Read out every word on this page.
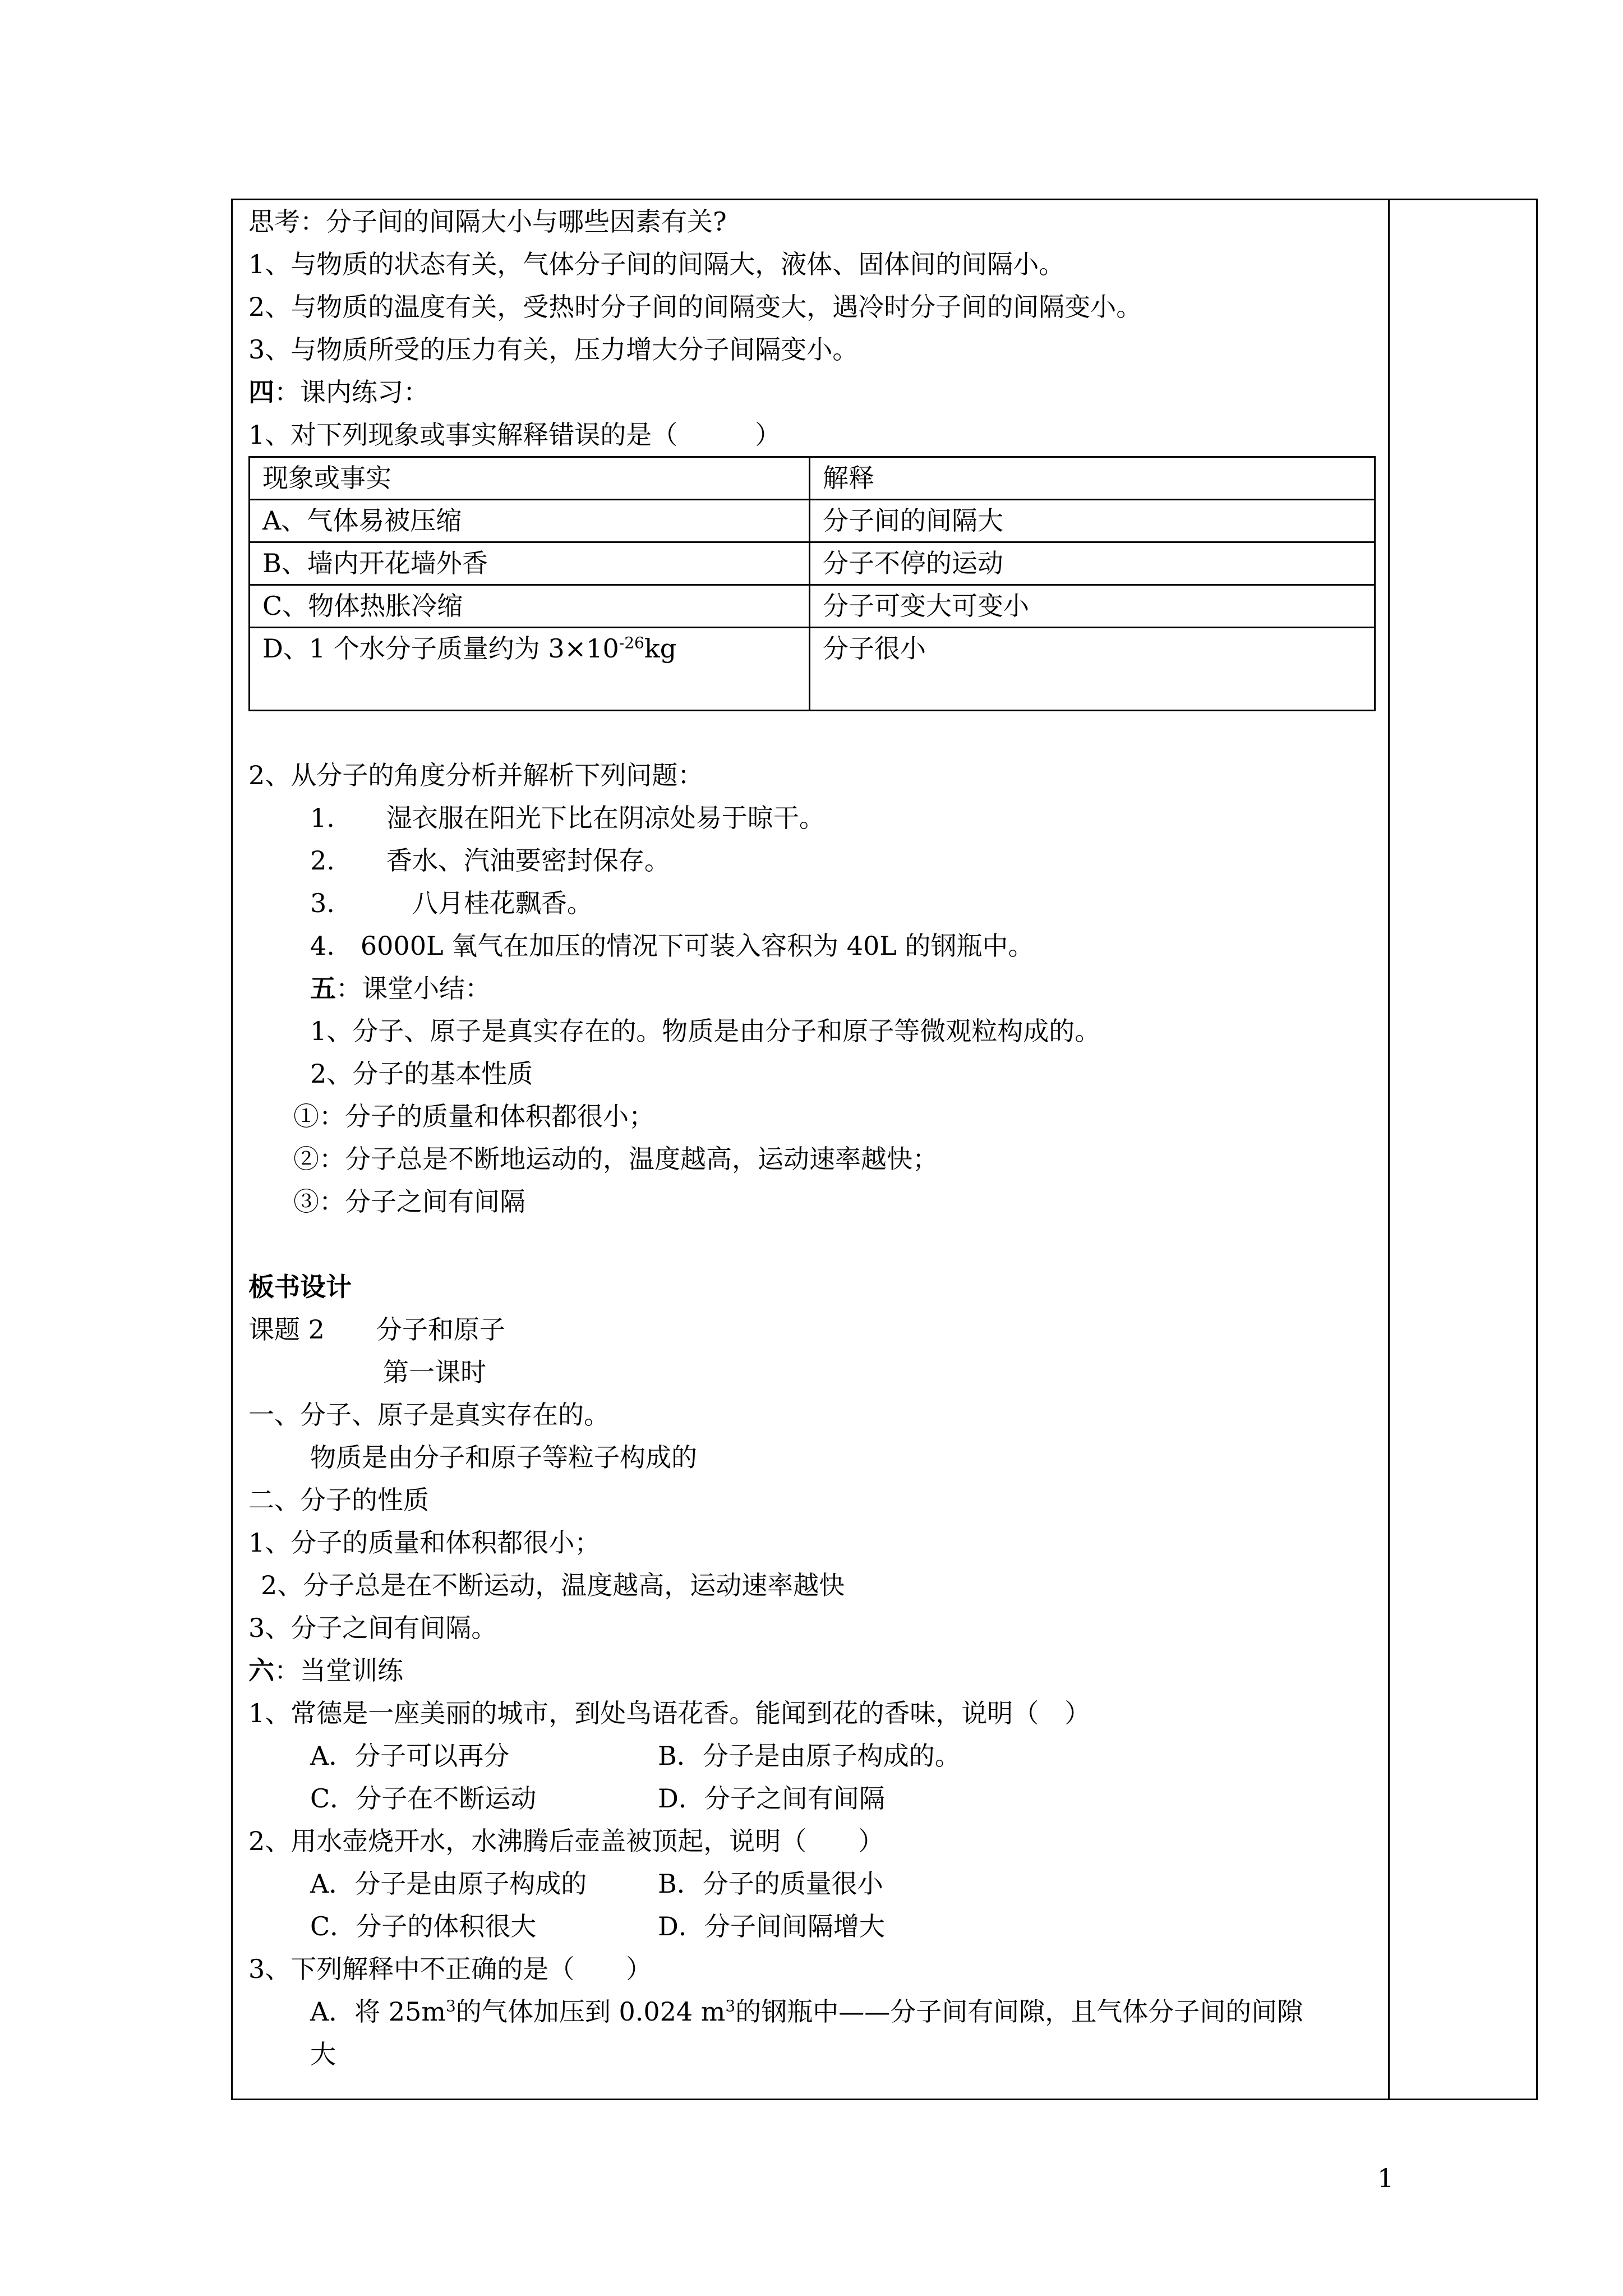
思考：分子间的间隔大小与哪些因素有关?
1、与物质的状态有关，气体分子间的间隔大，液体、固体间的间隔小。
2、与物质的温度有关，受热时分子间的间隔变大，遇冷时分子间的间隔变小。
3、与物质所受的压力有关，压力增大分子间隔变小。
四：课内练习：
1、对下列现象或事实解释错误的是（　　　）
现象或事实	解释
A、气体易被压缩	分子间的间隔大
B、墙内开花墙外香	分子不停的运动
C、物体热胀冷缩	分子可变大可变小
D、1 个水分子质量约为 $3\times 10^{-26}kg$	分子很小
2、从分子的角度分析并解析下列问题：
1.　　 湿衣服在阳光下比在阴凉处易于晾干。
2.　　 香水、汽油要密封保存。
3.　　　	八月桂花飘香。
4.　 6000L 氧气在加压的情况下可装入容积为 40L 的钢瓶中。
五：课堂小结：
1、分子、原子是真实存在的。物质是由分子和原子等微观粒构成的。
2、分子的基本性质
①：分子的质量和体积都很小；
②：分子总是不断地运动的，温度越高，运动速率越快；
③：分子之间有间隔
板书设计
课题 2　　分子和原子
第一课时
一、分子、原子是真实存在的。
物质是由分子和原子等粒子构成的
二、分子的性质
1、分子的质量和体积都很小；
2、分子总是在不断运动，温度越高，运动速率越快
3、分子之间有间隔。
六：当堂训练
1、常德是一座美丽的城市，到处鸟语花香。能闻到花的香味，说明（　）
A．分子可以再分	B．分子是由原子构成的。
C．分子在不断运动	D．分子之间有间隔
2、用水壶烧开水，水沸腾后壶盖被顶起，说明（　　）
A．分子是由原子构成的	B．分子的质量很小
C．分子的体积很大	D．分子间间隔增大
3、下列解释中不正确的是（　　）
A．将 $25m^3$的气体加压到 0.024 $m^3$的钢瓶中——分子间有间隙，且气体分子间的间隙
大
1
